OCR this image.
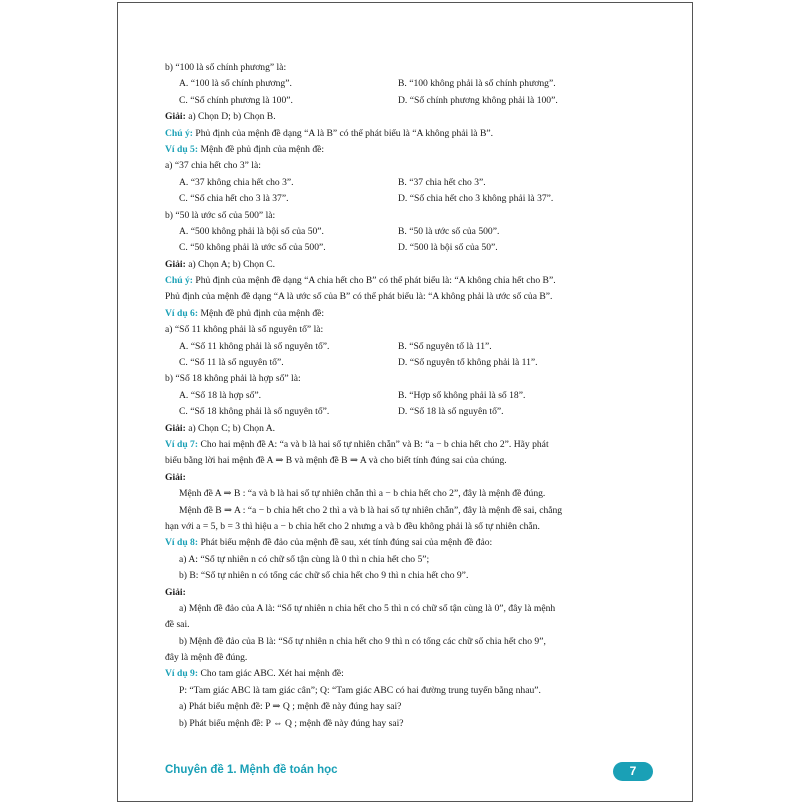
b) “100 là số chính phương” là:
A. “100 là số chính phương”.	B. “100 không phải là số chính phương”.
C. “Số chính phương là 100”.	D. “Số chính phương không phải là 100”.
Giải: a) Chọn D; b) Chọn B.
Chú ý: Phủ định của mệnh đề dạng “A là B” có thể phát biểu là “A không phải là B”.
Ví dụ 5: Mệnh đề phủ định của mệnh đề:
a) “37 chia hết cho 3” là:
A. “37 không chia hết cho 3”.	B. “37 chia hết cho 3”.
C. “Số chia hết cho 3 là 37”.	D. “Số chia hết cho 3 không phải là 37”.
b) “50 là ước số của 500” là:
A. “500 không phải là bội số của 50”.	B. “50 là ước số của 500”.
C. “50 không phải là ước số của 500”.	D. “500 là bội số của 50”.
Giải: a) Chọn A; b) Chọn C.
Chú ý: Phủ định của mệnh đề dạng “A chia hết cho B” có thể phát biểu là: “A không chia hết cho B”.
Phủ định của mệnh đề dạng “A là ước số của B” có thể phát biểu là: “A không phải là ước số của B”.
Ví dụ 6: Mệnh đề phủ định của mệnh đề:
a) “Số 11 không phải là số nguyên tố” là:
A. “Số 11 không phải là số nguyên tố”.	B. “Số nguyên tố là 11”.
C. “Số 11 là số nguyên tố”.	D. “Số nguyên tố không phải là 11”.
b) “Số 18 không phải là hợp số” là:
A. “Số 18 là hợp số”.	B. “Hợp số không phải là số 18”.
C. “Số 18 không phải là số nguyên tố”.	D. “Số 18 là số nguyên tố”.
Giải: a) Chọn C; b) Chọn A.
Ví dụ 7: Cho hai mệnh đề A: “a và b là hai số tự nhiên chẵn” và B: “a − b chia hết cho 2”. Hãy phát
biểu bằng lời hai mệnh đề A ⇒ B và mệnh đề B ⇒ A và cho biết tính đúng sai của chúng.
Giải:
Mệnh đề A ⇒ B : “a và b là hai số tự nhiên chẵn thì a − b chia hết cho 2”, đây là mệnh đề đúng.
Mệnh đề B ⇒ A : “a − b chia hết cho 2 thì a và b là hai số tự nhiên chẵn”, đây là mệnh đề sai, chẳng
hạn với a = 5, b = 3 thì hiệu a − b chia hết cho 2 nhưng a và b đều không phải là số tự nhiên chẵn.
Ví dụ 8: Phát biểu mệnh đề đảo của mệnh đề sau, xét tính đúng sai của mệnh đề đảo:
a) A: “Số tự nhiên n có chữ số tận cùng là 0 thì n chia hết cho 5”;
b) B: “Số tự nhiên n có tổng các chữ số chia hết cho 9 thì n chia hết cho 9”.
Giải:
a) Mệnh đề đảo của A là: “Số tự nhiên n chia hết cho 5 thì n có chữ số tận cùng là 0”, đây là mệnh
đề sai.
b) Mệnh đề đảo của B là: “Số tự nhiên n chia hết cho 9 thì n có tổng các chữ số chia hết cho 9”,
đây là mệnh đề đúng.
Ví dụ 9: Cho tam giác ABC. Xét hai mệnh đề:
P: “Tam giác ABC là tam giác cân”; Q: “Tam giác ABC có hai đường trung tuyến bằng nhau”.
a) Phát biểu mệnh đề: P ⇒ Q ; mệnh đề này đúng hay sai?
b) Phát biểu mệnh đề: P ⇔ Q ; mệnh đề này đúng hay sai?
Chuyên đề 1. Mệnh đề toán học	7
